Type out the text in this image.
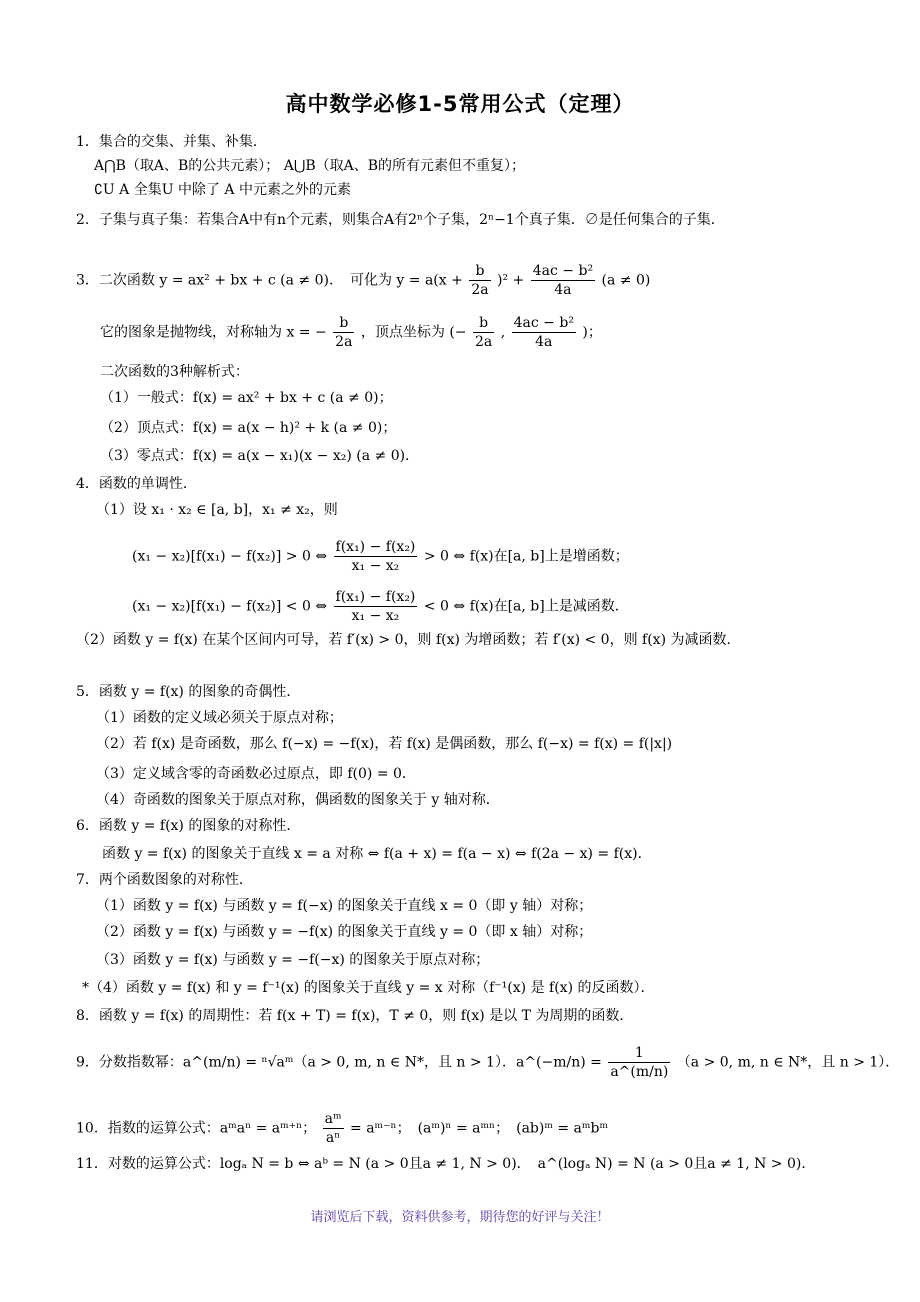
高中数学必修1-5常用公式（定理）
1．集合的交集、并集、补集．
A⋂B（取A、B的公共元素）； A⋃B（取A、B的所有元素但不重复）；
∁U A 全集U 中除了 A 中元素之外的元素
2．子集与真子集：若集合A中有n个元素，则集合A有2ⁿ个子集，2ⁿ−1个真子集．∅是任何集合的子集．
3．二次函数 y = ax² + bx + c (a ≠ 0)．　可化为 $y = a(x + \frac{b}{2a} )^2 + \frac{\text{4ac − b²}}{4a} (a \ne 0)$
它的图象是抛物线，对称轴为 x = − $\frac{b}{2a}$ ，顶点坐标为 (− $\frac{b}{2a}$ , $\frac{\text{4ac − b²}}{4a}$ )；
二次函数的3种解析式：
（1）一般式：f(x) = ax² + bx + c (a ≠ 0)；
（2）顶点式：f(x) = a(x − h)² + k (a ≠ 0)；
（3）零点式：f(x) = a(x − x₁)(x − x₂) (a ≠ 0)．
4．函数的单调性．
（1）设 x₁ · x₂ ∈ [a, b]，x₁ ≠ x₂，则
(x₁ − x₂)[f(x₁) − f(x₂)] > 0 ⇔ $\frac{\text{f(x₁) − f(x₂)}}{\text{x₁ − x₂}} > 0$ ⇔ f(x)在[a, b]上是增函数；
(x₁ − x₂)[f(x₁) − f(x₂)] < 0 ⇔ $\frac{\text{f(x₁) − f(x₂)}}{\text{x₁ − x₂}} < 0$ ⇔ f(x)在[a, b]上是减函数．
（2）函数 y = f(x) 在某个区间内可导，若 f′(x) > 0，则 f(x) 为增函数；若 f′(x) < 0，则 f(x) 为减函数．
5．函数 y = f(x) 的图象的奇偶性．
（1）函数的定义域必须关于原点对称；
（2）若 f(x) 是奇函数，那么 f(−x) = −f(x)，若 f(x) 是偶函数，那么 f(−x) = f(x) = f(|x|)
（3）定义域含零的奇函数必过原点，即 f(0) = 0．
（4）奇函数的图象关于原点对称，偶函数的图象关于 y 轴对称．
6．函数 y = f(x) 的图象的对称性．
函数 y = f(x) 的图象关于直线 x = a 对称 ⇔ f(a + x) = f(a − x) ⇔ f(2a − x) = f(x)．
7．两个函数图象的对称性．
（1）函数 y = f(x) 与函数 y = f(−x) 的图象关于直线 x = 0（即 y 轴）对称；
（2）函数 y = f(x) 与函数 y = −f(x) 的图象关于直线 y = 0（即 x 轴）对称；
（3）函数 y = f(x) 与函数 y = −f(−x) 的图象关于原点对称；
*（4）函数 y = f(x) 和 y = f⁻¹(x) 的图象关于直线 y = x 对称（f⁻¹(x) 是 f(x) 的反函数）．
8．函数 y = f(x) 的周期性：若 f(x + T) = f(x)，T ≠ 0，则 f(x) 是以 T 为周期的函数．
9．分数指数幂：a^(m/n) = ⁿ√aᵐ（a > 0, m, n ∈ N*，且 n > 1）．a^(−m/n) = $\frac{1}{a\^{}(m/n)} (a > 0$, m, n ∈ N*，且 n > 1）．
10．指数的运算公式：aᵐaⁿ = aᵐ⁺ⁿ； $\frac{\text{aᵐ}}{\text{aⁿ}}$ = aᵐ⁻ⁿ；　(aᵐ)ⁿ = aᵐⁿ；　(ab)ᵐ = aᵐbᵐ
11．对数的运算公式：logₐ N = b ⇔ aᵇ = N (a > 0且a ≠ 1, N > 0)．　a^(logₐ N) = N (a > 0且a ≠ 1, N > 0)．
请浏览后下载，资料供参考，期待您的好评与关注！
